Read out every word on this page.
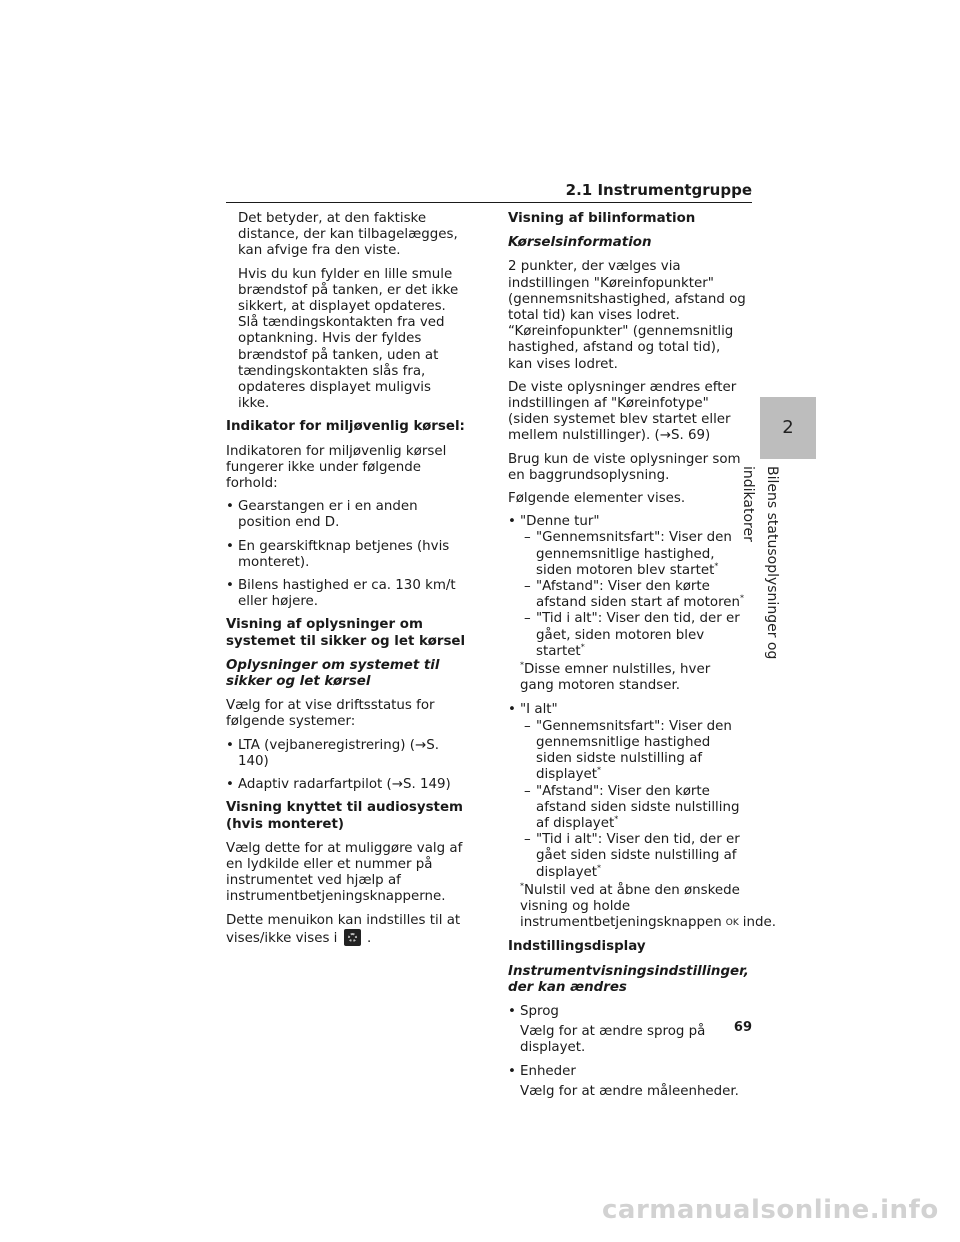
2.1 Instrumentgruppe

Det betyder, at den faktiske distance, der kan tilbagelægges, kan afvige fra den viste.

Hvis du kun fylder en lille smule brændstof på tanken, er det ikke sikkert, at displayet opdateres. Slå tændingskontakten fra ved optankning. Hvis der fyldes brændstof på tanken, uden at tændingskontakten slås fra, opdateres displayet muligvis ikke.

Indikator for miljøvenlig kørsel:

Indikatoren for miljøvenlig kørsel fungerer ikke under følgende forhold:

• Gearstangen er i en anden position end D.
• En gearskiftknap betjenes (hvis monteret).
• Bilens hastighed er ca. 130 km/t eller højere.
Visning af oplysninger om systemet til sikker og let kørsel
Oplysninger om systemet til sikker og let kørsel

Vælg for at vise driftsstatus for følgende systemer:

• LTA (vejbaneregistrering) (→S. 140)
• Adaptiv radarfartpilot (→S. 149)
Visning knyttet til audiosystem (hvis monteret)

Vælg dette for at muliggøre valg af en lydkilde eller et nummer på instrumentet ved hjælp af instrumentbetjeningsknapperne.

Dette menuikon kan indstilles til at vises/ikke vises i .

Visning af bilinformation
Kørselsinformation

2 punkter, der vælges via indstillingen "Køreinfopunkter" (gennemsnitshastighed, afstand og total tid) kan vises lodret. “Køreinfopunkter" (gennemsnitlig hastighed, afstand og total tid), kan vises lodret.

De viste oplysninger ændres efter indstillingen af "Køreinfotype" (siden systemet blev startet eller mellem nulstillinger). (→S. 69)

Brug kun de viste oplysninger som en baggrundsoplysning.

Følgende elementer vises.

• "Denne tur"
– "Gennemsnitsfart": Viser den gennemsnitlige hastighed, siden motoren blev startet*
– "Afstand": Viser den kørte afstand siden start af motoren*
– "Tid i alt": Viser den tid, der er gået, siden motoren blev startet*
*Disse emner nulstilles, hver gang motoren standser.
• "I alt"
– "Gennemsnitsfart": Viser den gennemsnitlige hastighed siden sidste nulstilling af displayet*
– "Afstand": Viser den kørte afstand siden sidste nulstilling af displayet*
– "Tid i alt": Viser den tid, der er gået siden sidste nulstilling af displayet*
*Nulstil ved at åbne den ønskede visning og holde instrumentbetjeningsknappen OK inde.
Indstillingsdisplay
Instrumentvisningsindstillinger, der kan ændres
• Sprog
Vælg for at ændre sprog på displayet.
• Enheder
Vælg for at ændre måleenheder.
2
Bilens statusoplysninger og indikatorer
69
carmanualsonline.info
